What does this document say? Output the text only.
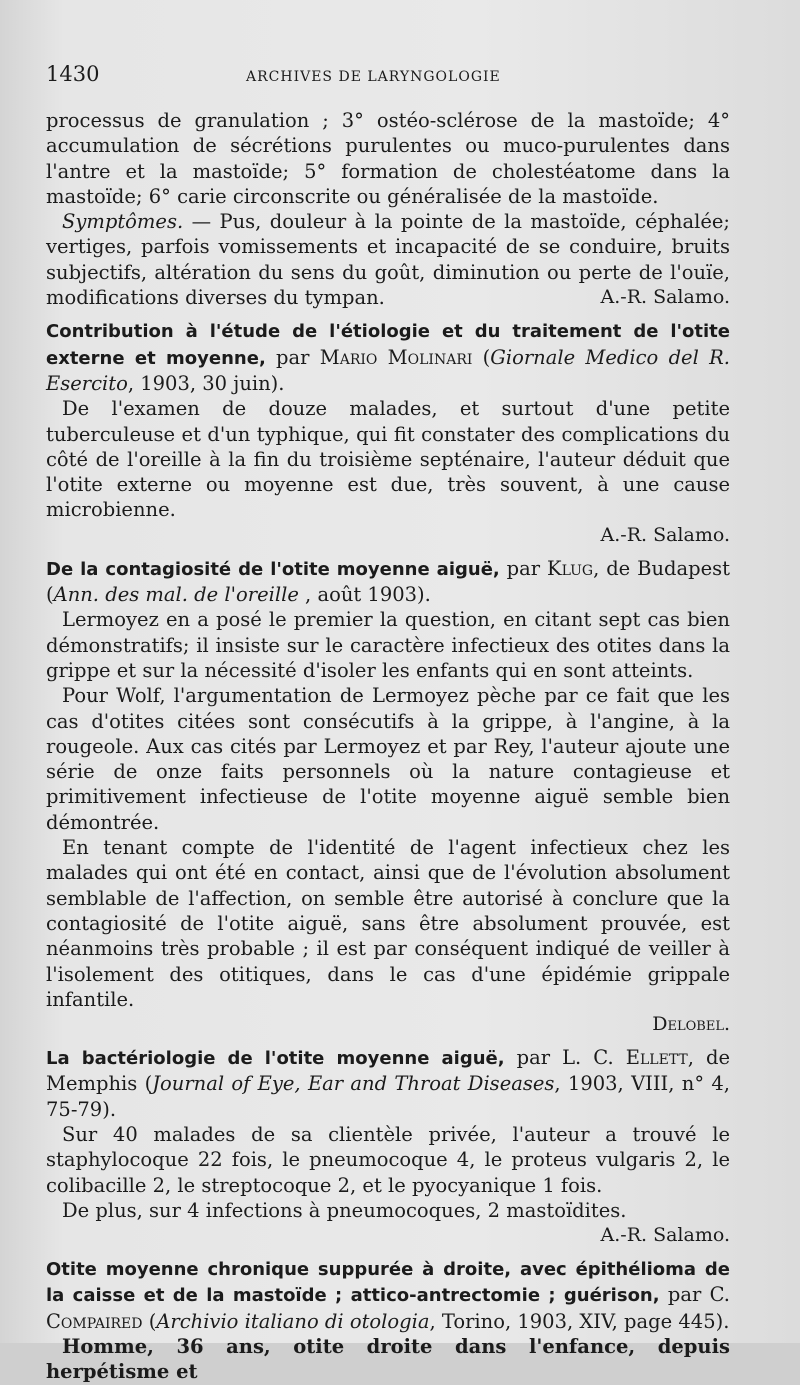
1430	ARCHIVES DE LARYNGOLOGIE

processus de granulation ; 3° ostéo-sclérose de la mastoïde; 4° accumulation de sécrétions purulentes ou muco-purulentes dans l'antre et la mastoïde; 5° formation de cholestéatome dans la mastoïde; 6° carie circonscrite ou généralisée de la mastoïde.

Symptômes. — Pus, douleur à la pointe de la mastoïde, céphalée; vertiges, parfois vomissements et incapacité de se conduire, bruits subjectifs, altération du sens du goût, diminution ou perte de l'ouïe, modifications diverses du tympan.	A.-R. Salamo.

Contribution à l'étude de l'étiologie et du traitement de l'otite externe et moyenne, par Mario Molinari (Giornale Medico del R. Esercito, 1903, 30 juin).

De l'examen de douze malades, et surtout d'une petite tuberculeuse et d'un typhique, qui fit constater des complications du côté de l'oreille à la fin du troisième septénaire, l'auteur déduit que l'otite externe ou moyenne est due, très souvent, à une cause microbienne.

A.-R. Salamo.

De la contagiosité de l'otite moyenne aiguë, par Klug, de Budapest (Ann. des mal. de l'oreille , août 1903).

Lermoyez en a posé le premier la question, en citant sept cas bien démonstratifs; il insiste sur le caractère infectieux des otites dans la grippe et sur la nécessité d'isoler les enfants qui en sont atteints.

Pour Wolf, l'argumentation de Lermoyez pèche par ce fait que les cas d'otites citées sont consécutifs à la grippe, à l'angine, à la rougeole. Aux cas cités par Lermoyez et par Rey, l'auteur ajoute une série de onze faits personnels où la nature contagieuse et primitivement infectieuse de l'otite moyenne aiguë semble bien démontrée.

En tenant compte de l'identité de l'agent infectieux chez les malades qui ont été en contact, ainsi que de l'évolution absolument semblable de l'affection, on semble être autorisé à conclure que la contagiosité de l'otite aiguë, sans être absolument prouvée, est néanmoins très probable ; il est par conséquent indiqué de veiller à l'isolement des otitiques, dans le cas d'une épidémie grippale infantile.

Delobel.

La bactériologie de l'otite moyenne aiguë, par L. C. Ellett, de Memphis (Journal of Eye, Ear and Throat Diseases, 1903, VIII, n° 4, 75-79).

Sur 40 malades de sa clientèle privée, l'auteur a trouvé le staphylocoque 22 fois, le pneumocoque 4, le proteus vulgaris 2, le colibacille 2, le streptocoque 2, et le pyocyanique 1 fois.

De plus, sur 4 infections à pneumocoques, 2 mastoïdites.

A.-R. Salamo.

Otite moyenne chronique suppurée à droite, avec épithélioma de la caisse et de la mastoïde ; attico-antrectomie ; guérison, par C. Compaired (Archivio italiano di otologia, Torino, 1903, XIV, page 445).

Homme, 36 ans, otite droite dans l'enfance, depuis herpétisme et
